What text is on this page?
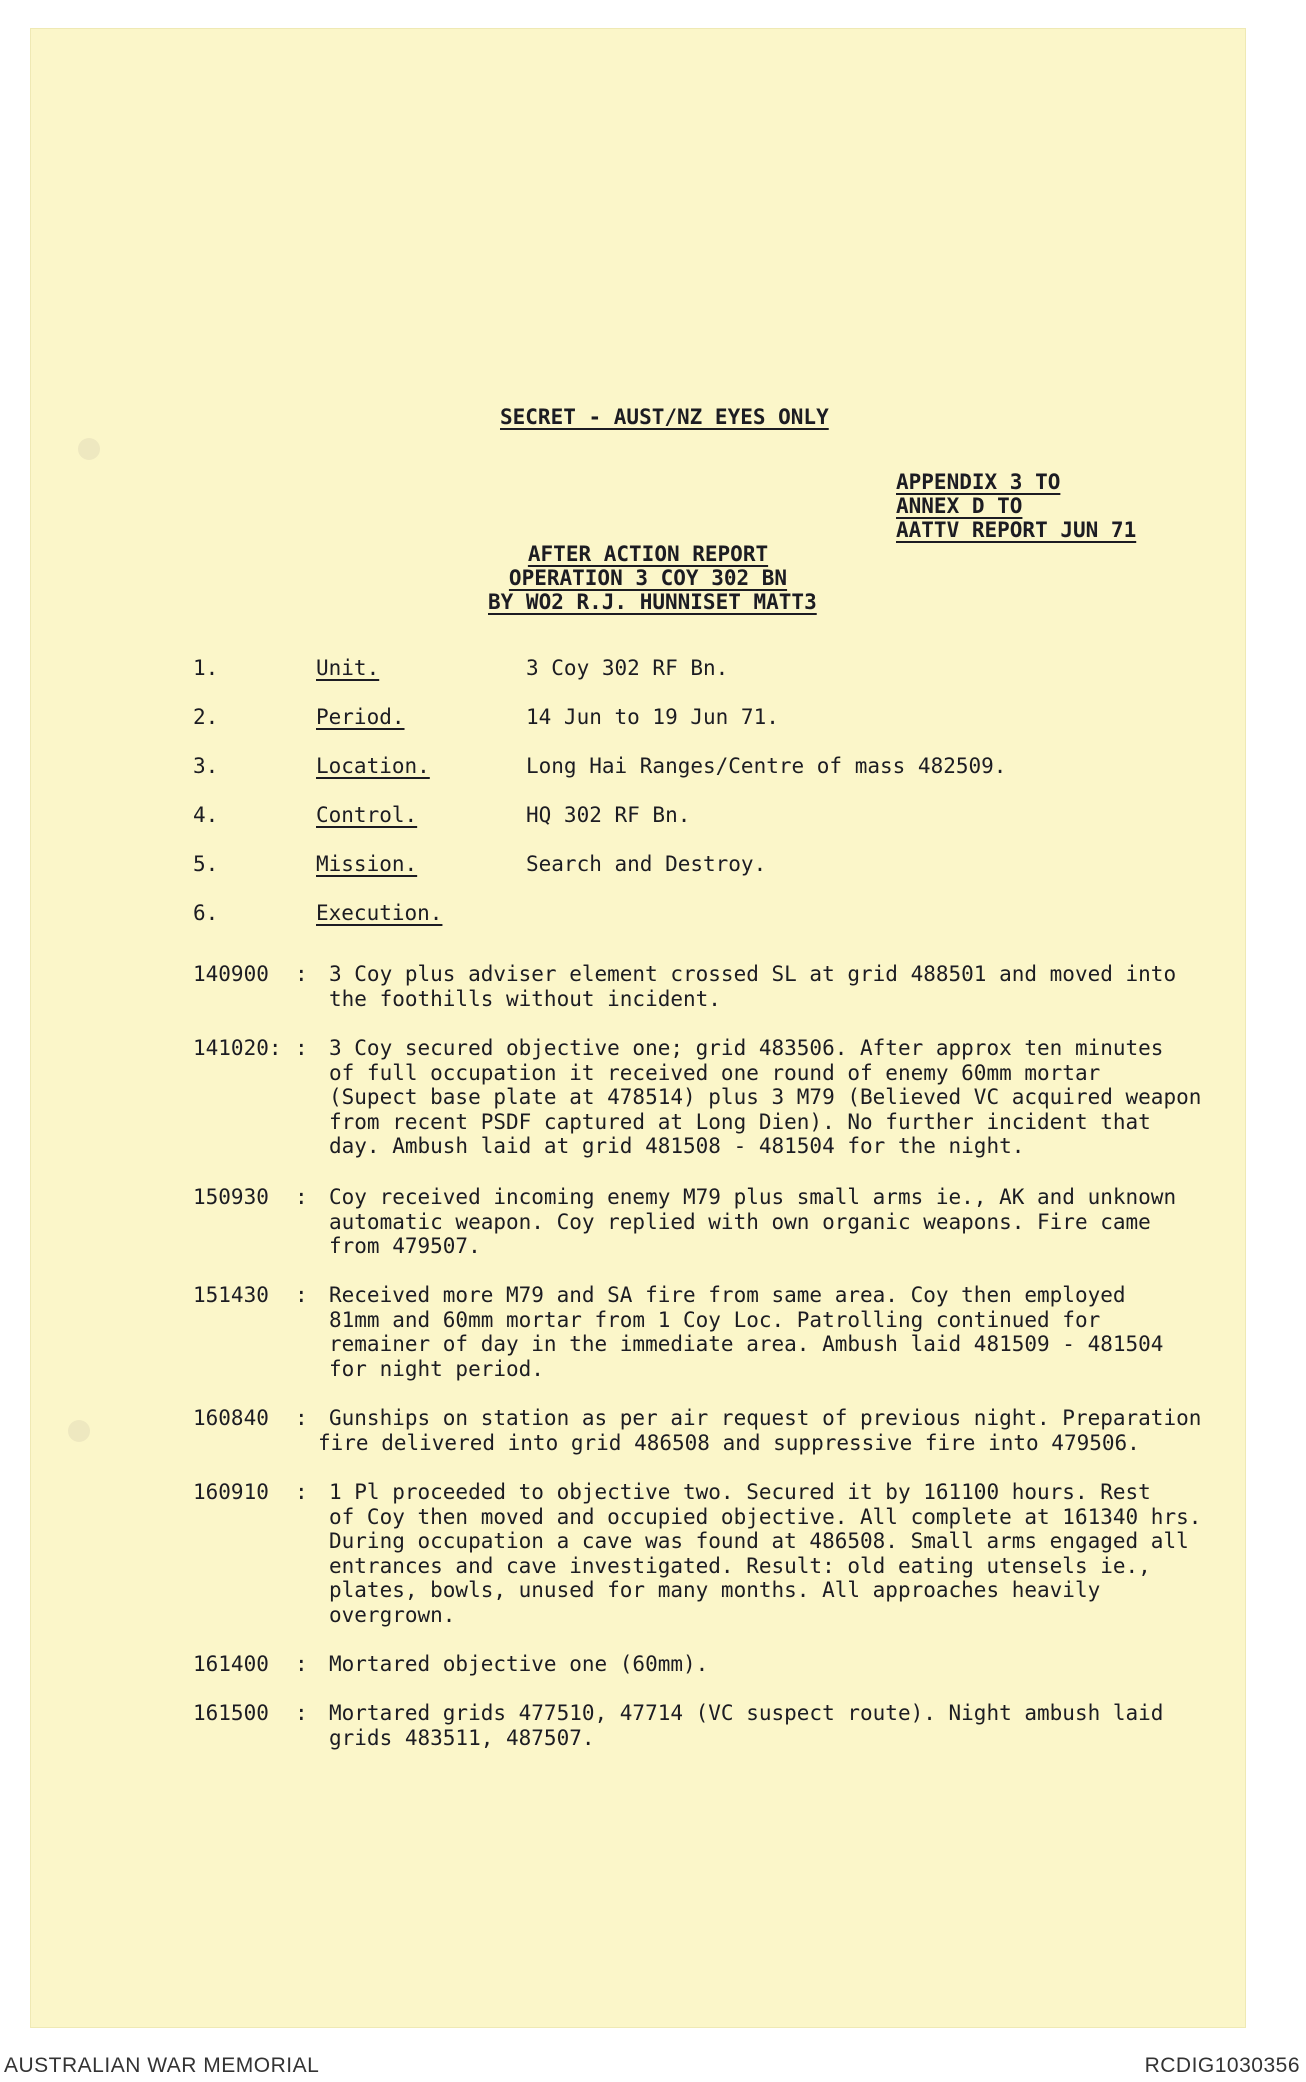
SECRET - AUST/NZ EYES ONLY
APPENDIX 3 TO
ANNEX D TO
AATTV REPORT JUN 71
AFTER ACTION REPORT
OPERATION 3 COY 302 BN
BY WO2 R.J. HUNNISET MATT3
1.	Unit.	3 Coy 302 RF Bn.
2.	Period.	14 Jun to 19 Jun 71.
3.	Location.	Long Hai Ranges/Centre of mass 482509.
4.	Control.	HQ 302 RF Bn.
5.	Mission.	Search and Destroy.
6.	Execution.
140900 : 3 Coy plus adviser element crossed SL at grid 488501 and moved into
the foothills without incident.
141020: : 3 Coy secured objective one; grid 483506. After approx ten minutes
of full occupation it received one round of enemy 60mm mortar
(Supect base plate at 478514) plus 3 M79 (Believed VC acquired weapon
from recent PSDF captured at Long Dien). No further incident that
day. Ambush laid at grid 481508 - 481504 for the night.
150930 : Coy received incoming enemy M79 plus small arms ie., AK and unknown
automatic weapon. Coy replied with own organic weapons. Fire came
from 479507.
151430 : Received more M79 and SA fire from same area. Coy then employed
81mm and 60mm mortar from 1 Coy Loc. Patrolling continued for
remainer of day in the immediate area. Ambush laid 481509 - 481504
for night period.
160840 :	Gunships on station as per air request of previous night. Preparation
fire delivered into grid 486508 and suppressive fire into 479506.
160910 : 1 Pl proceeded to objective two. Secured it by 161100 hours. Rest
of Coy then moved and occupied objective. All complete at 161340 hrs.
During occupation a cave was found at 486508. Small arms engaged all
entrances and cave investigated. Result: old eating utensels ie.,
plates, bowls, unused for many months. All approaches heavily
overgrown.
161400 : Mortared objective one (60mm).
161500 : Mortared grids 477510, 47714 (VC suspect route). Night ambush laid
grids 483511, 487507.
AUSTRALIAN WAR MEMORIAL	RCDIG1030356
